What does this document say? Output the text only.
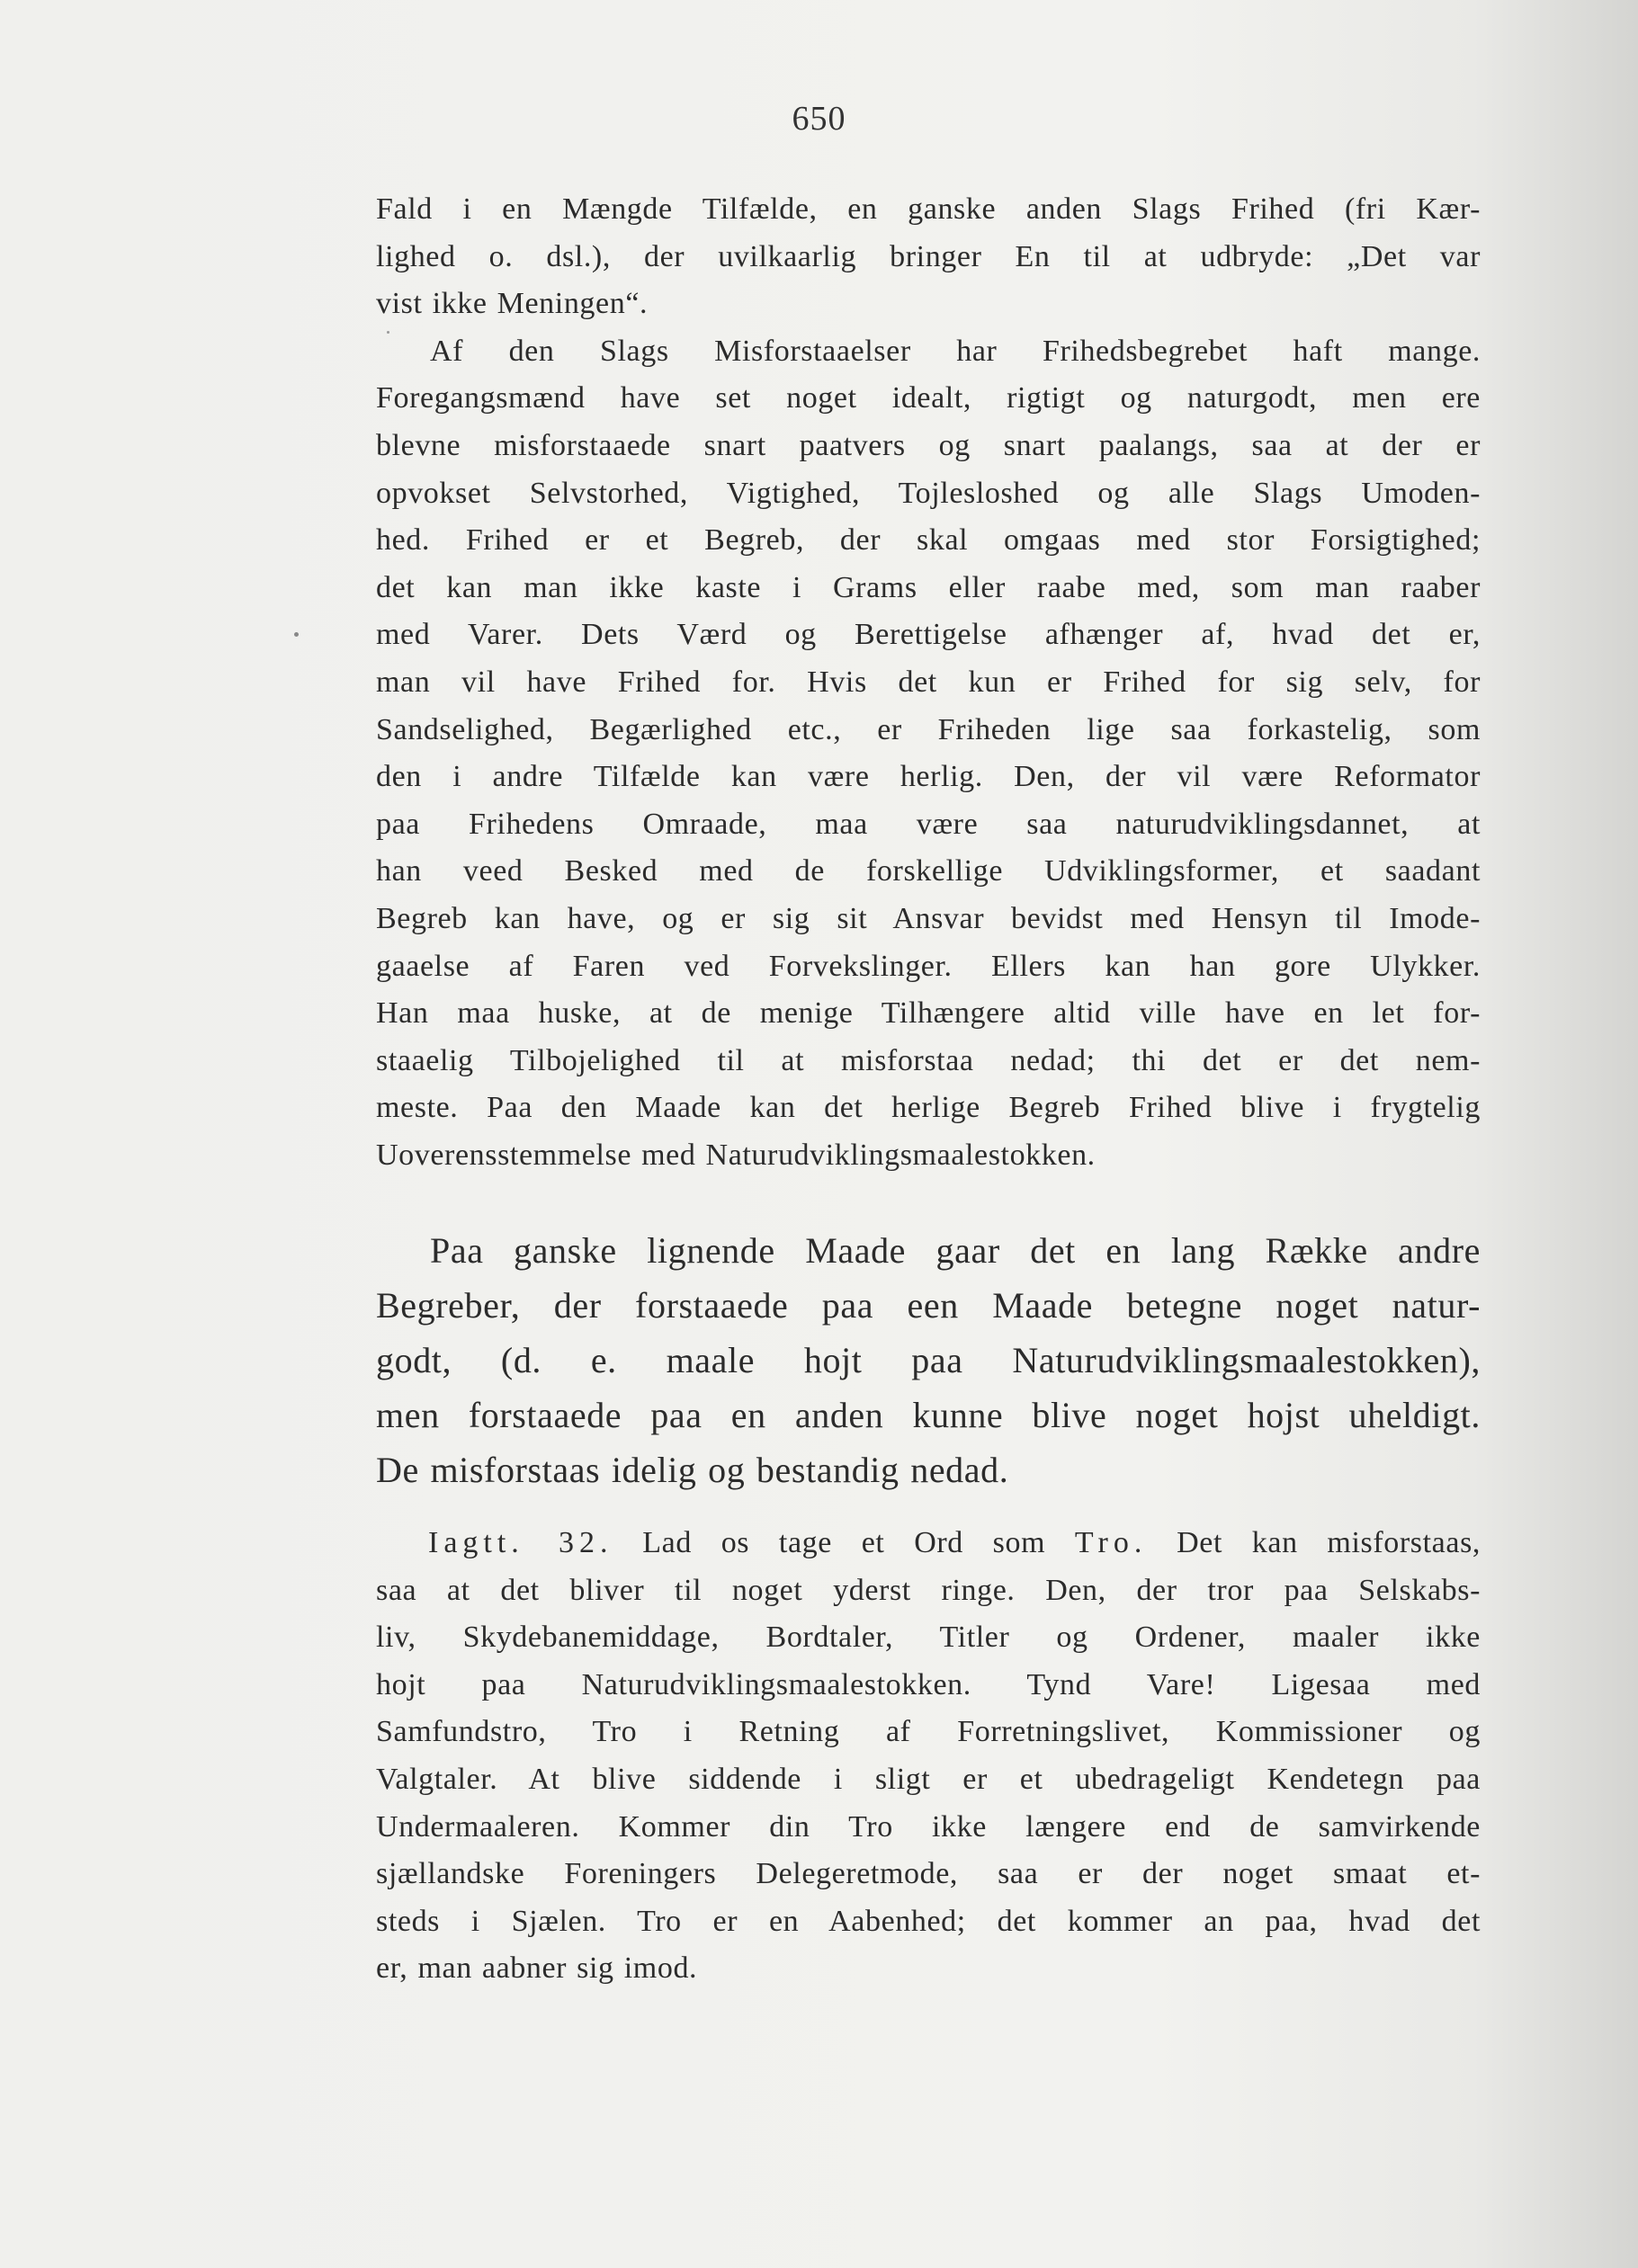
650
Fald i en Mængde Tilfælde, en ganske anden Slags Frihed (fri Kær-
lighed o. dsl.), der uvilkaarlig bringer En til at udbryde: „Det var
vist ikke Meningen“.
Af den Slags Misforstaaelser har Frihedsbegrebet haft mange.
Foregangsmænd have set noget idealt, rigtigt og naturgodt, men ere
blevne misforstaaede snart paatvers og snart paalangs, saa at der er
opvokset Selvstorhed, Vigtighed, Tojlesloshed og alle Slags Umoden-
hed. Frihed er et Begreb, der skal omgaas med stor Forsigtighed;
det kan man ikke kaste i Grams eller raabe med, som man raaber
med Varer. Dets Værd og Berettigelse afhænger af, hvad det er,
man vil have Frihed for. Hvis det kun er Frihed for sig selv, for
Sandselighed, Begærlighed etc., er Friheden lige saa forkastelig, som
den i andre Tilfælde kan være herlig. Den, der vil være Reformator
paa Frihedens Omraade, maa være saa naturudviklingsdannet, at
han veed Besked med de forskellige Udviklingsformer, et saadant
Begreb kan have, og er sig sit Ansvar bevidst med Hensyn til Imode-
gaaelse af Faren ved Forvekslinger. Ellers kan han gore Ulykker.
Han maa huske, at de menige Tilhængere altid ville have en let for-
staaelig Tilbojelighed til at misforstaa nedad; thi det er det nem-
meste. Paa den Maade kan det herlige Begreb Frihed blive i frygtelig
Uoverensstemmelse med Naturudviklingsmaalestokken.
Paa ganske lignende Maade gaar det en lang Række andre
Begreber, der forstaaede paa een Maade betegne noget natur-
godt, (d. e. maale hojt paa Naturudviklingsmaalestokken),
men forstaaede paa en anden kunne blive noget hojst uheldigt.
De misforstaas idelig og bestandig nedad.
Iagtt. 32. Lad os tage et Ord som Tro. Det kan misforstaas,
saa at det bliver til noget yderst ringe. Den, der tror paa Selskabs-
liv, Skydebanemiddage, Bordtaler, Titler og Ordener, maaler ikke
hojt paa Naturudviklingsmaalestokken. Tynd Vare! Ligesaa med
Samfundstro, Tro i Retning af Forretningslivet, Kommissioner og
Valgtaler. At blive siddende i sligt er et ubedrageligt Kendetegn paa
Undermaaleren. Kommer din Tro ikke længere end de samvirkende
sjællandske Foreningers Delegeretmode, saa er der noget smaat et-
steds i Sjælen. Tro er en Aabenhed; det kommer an paa, hvad det
er, man aabner sig imod.
